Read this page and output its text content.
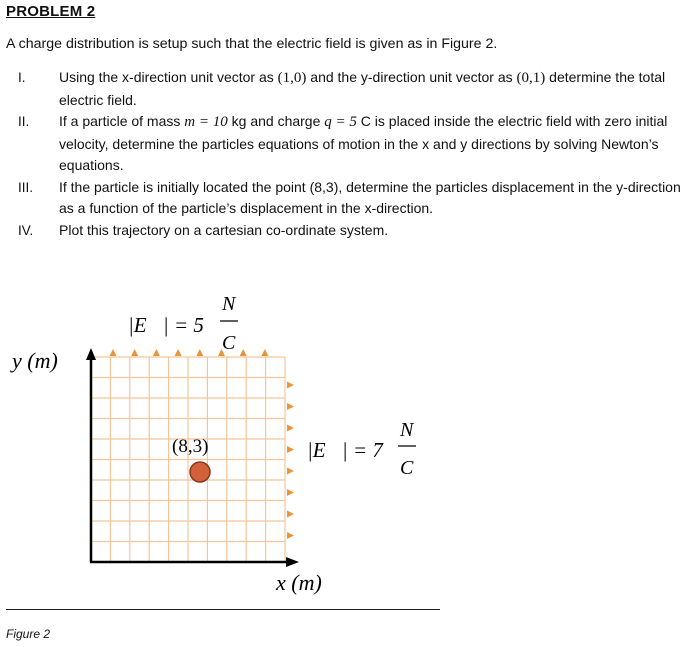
PROBLEM 2
A charge distribution is setup such that the electric field is given as in Figure 2.
I. Using the x-direction unit vector as (1,0) and the y-direction unit vector as (0,1) determine the total electric field.
II. If a particle of mass m = 10 kg and charge q = 5 C is placed inside the electric field with zero initial velocity, determine the particles equations of motion in the x and y directions by solving Newton’s equations.
III. If the particle is initially located the point (8,3), determine the particles displacement in the y-direction as a function of the particle’s displacement in the x-direction.
IV. Plot this trajectory on a cartesian co-ordinate system.
y (m)
x (m)
(8,3)
|E⃗| = 5
N
C
|E⃗| = 7
N
C
Figure 2
